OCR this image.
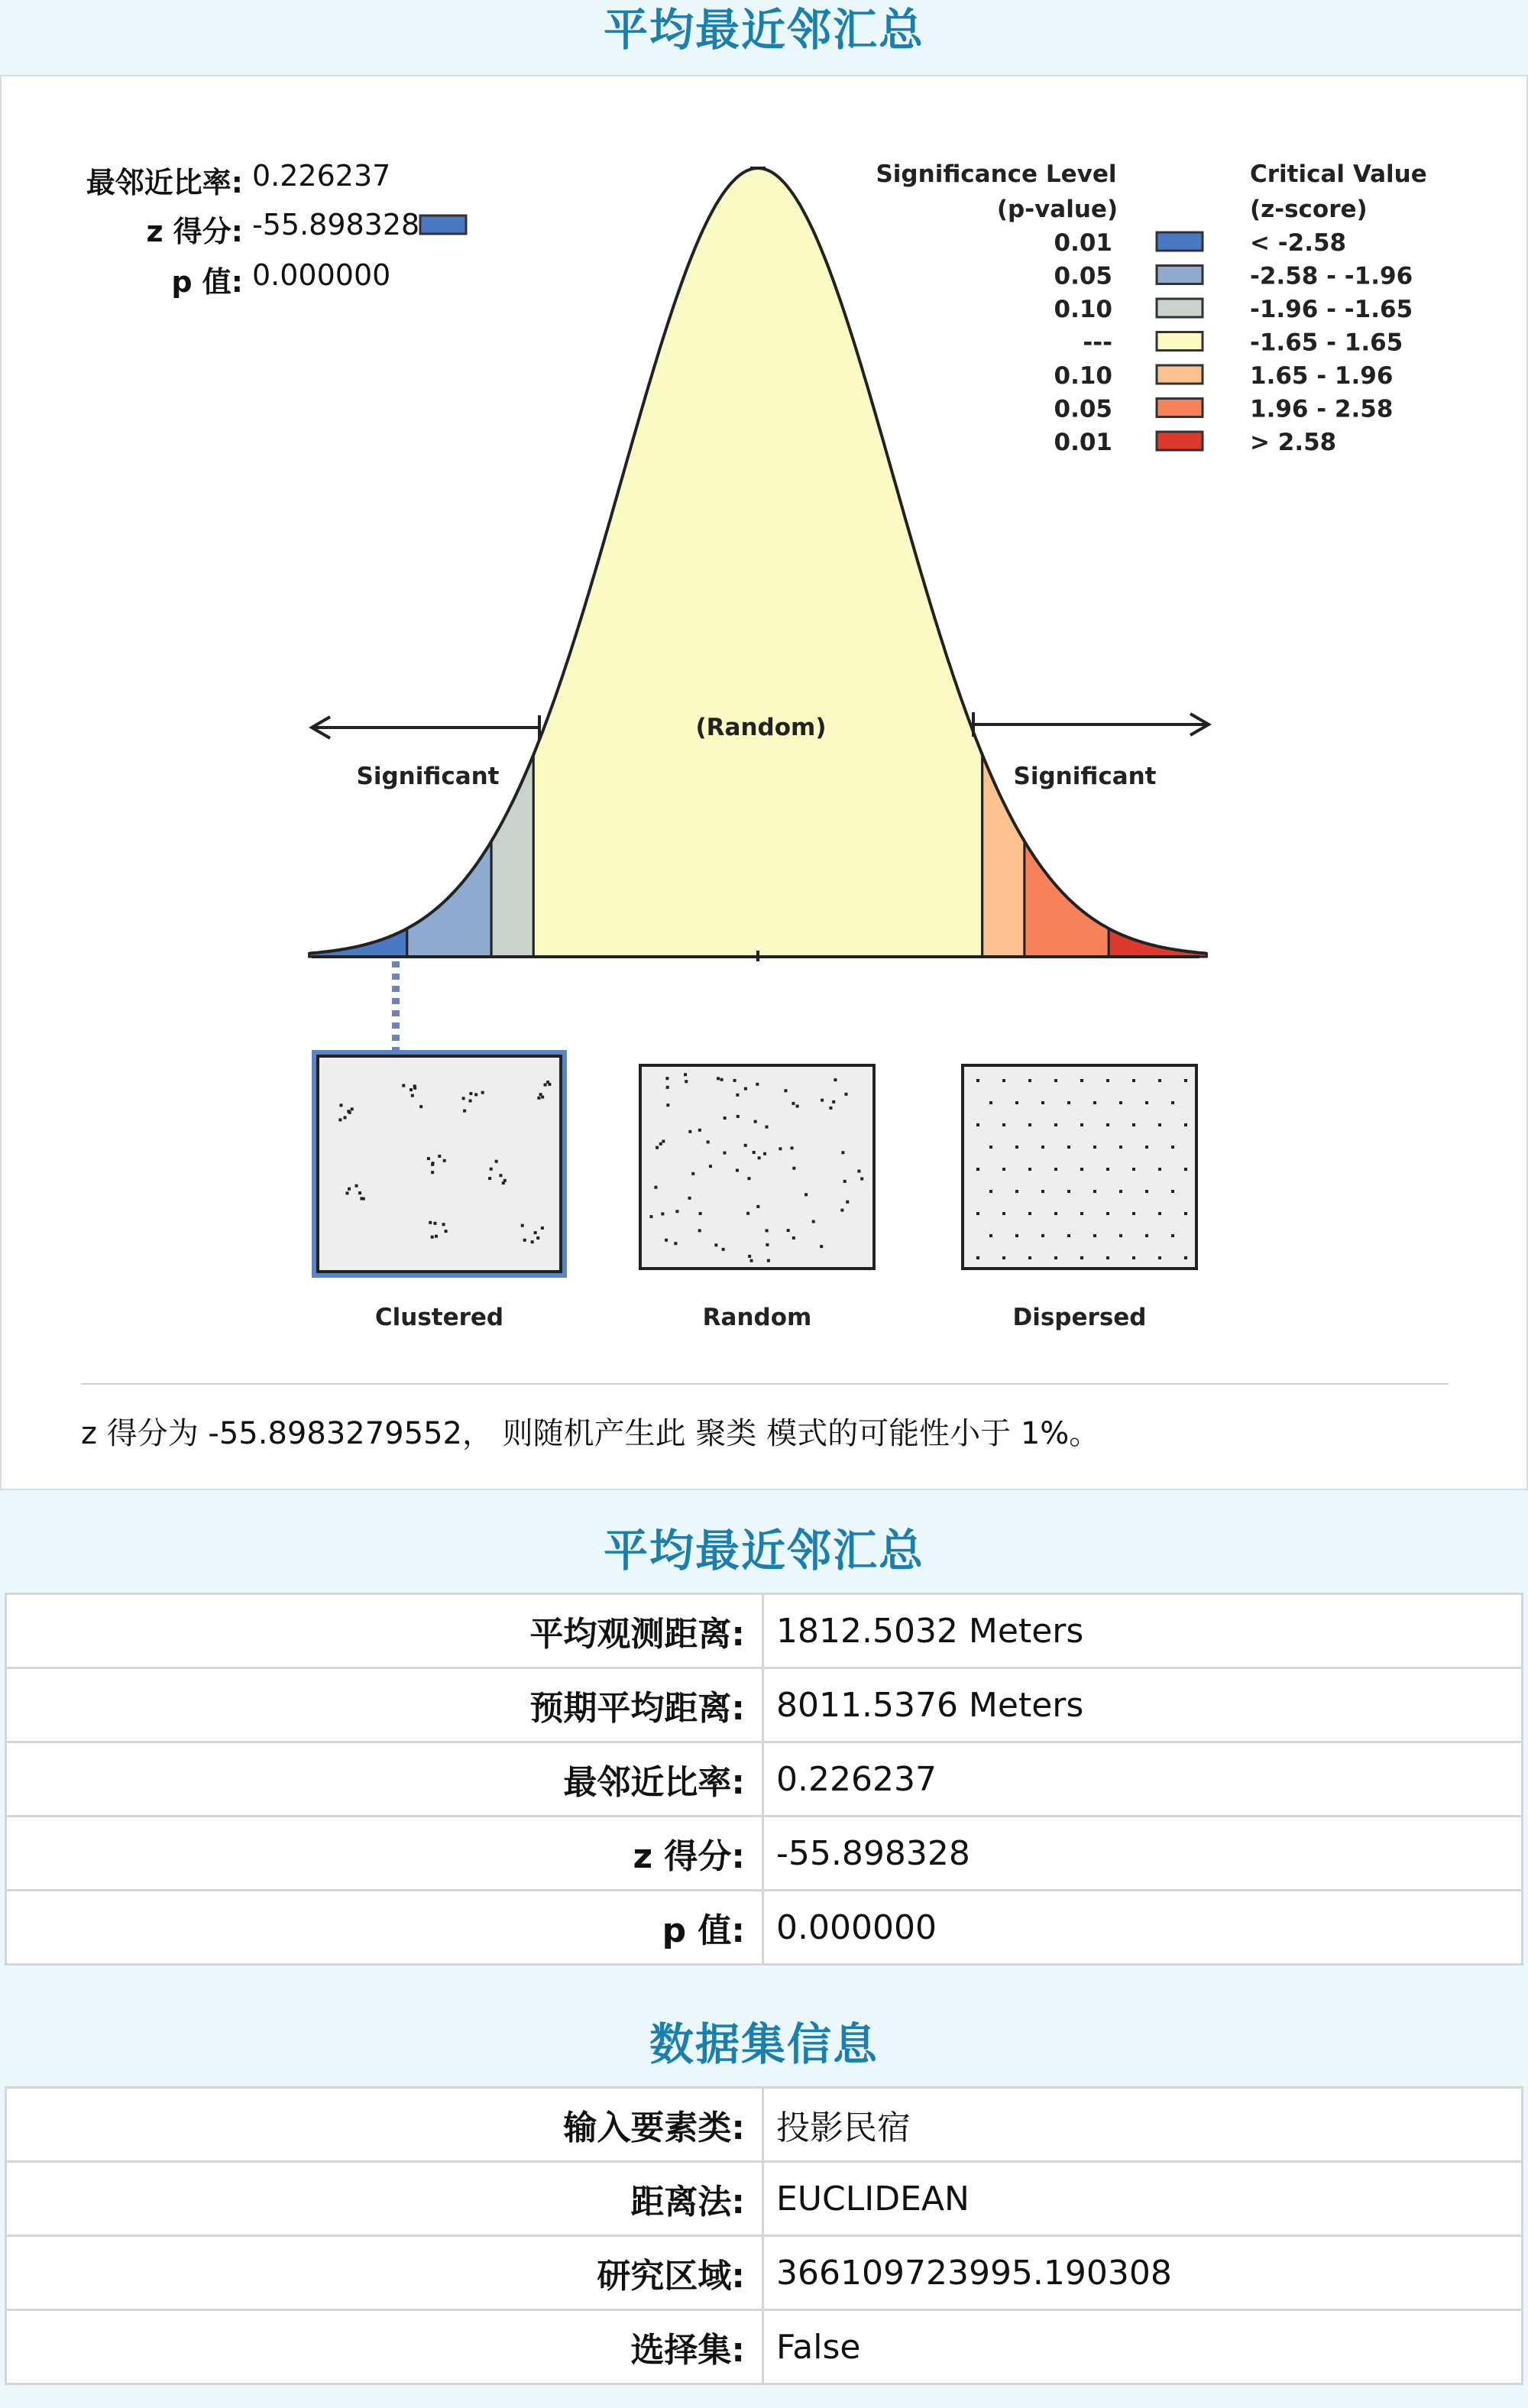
平均最近邻汇总
最邻近比率: 0.226237
z 得分: -55.898328
p 值: 0.000000
(Random)
Significant	Significant
Significance Level
(p-value)
Critical Value
(z-score)
0.01	< -2.58
0.05	-2.58 - -1.96
0.10	-1.96 - -1.65
---	-1.65 - 1.65
0.10	1.65 - 1.96
0.05	1.96 - 2.58
0.01	> 2.58
Clustered	Random	Dispersed
z 得分为 -55.8983279552， 则随机产生此 聚类 模式的可能性小于 1%。
平均最近邻汇总
平均观测距离:	1812.5032 Meters
预期平均距离:	8011.5376 Meters
最邻近比率:	0.226237
z 得分:	-55.898328
p 值:	0.000000
数据集信息
输入要素类:	投影民宿
距离法:	EUCLIDEAN
研究区域:	366109723995.190308
选择集:	False
